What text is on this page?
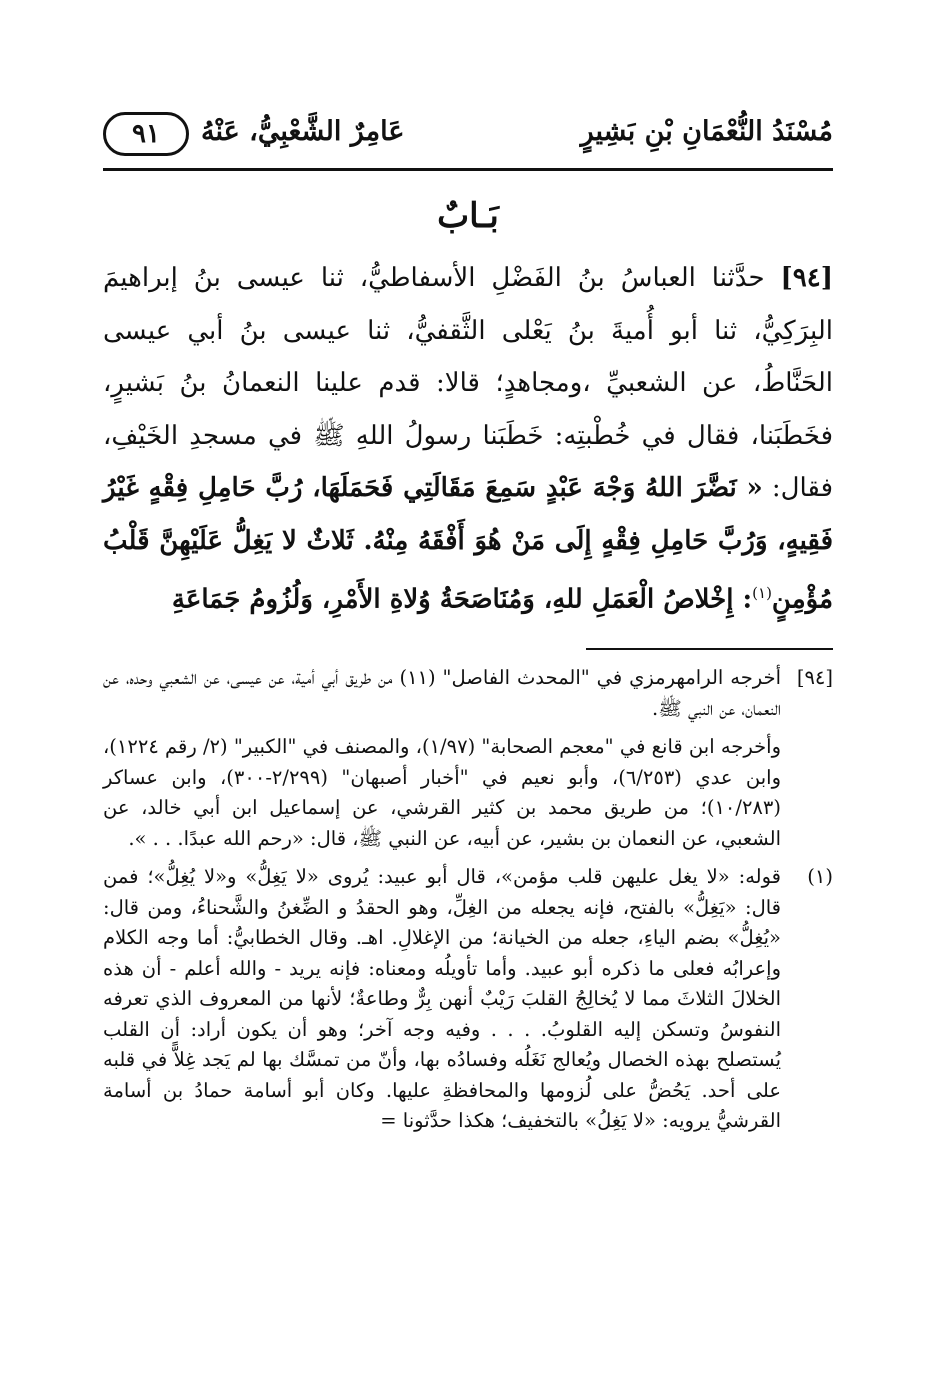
مُسْنَدُ النُّعْمَانِ بْنِ بَشِيرٍ
٩١	عَامِرٌ الشَّعْبِيُّ، عَنْهُ
بَـابٌ
[٩٤] حدَّثنا العباسُ بنُ الفَضْلِ الأسفاطيُّ، ثنا عيسى بنُ إبراهيمَ البِرَكِيُّ، ثنا أبو أُميةَ بنُ يَعْلى الثَّقفيُّ، ثنا عيسى بنُ أبي عيسى الحَنَّاطُ، عن الشعبيِّ ،ومجاهدٍ؛ قالا: قدم علينا النعمانُ بنُ بَشيرٍ، فخَطَبَنا، فقال في خُطْبتِه: خَطَبَنا رسولُ اللهِ ﷺ في مسجدِ الخَيْفِ، فقال: « نَضَّرَ اللهُ وَجْهَ عَبْدٍ سَمِعَ مَقَالَتِي فَحَمَلَهَا، رُبَّ حَامِلِ فِقْهٍ غَيْرُ فَقِيهٍ، وَرُبَّ حَامِلِ فِقْهٍ إِلَى مَنْ هُوَ أَفْقَهُ مِنْهُ. ثَلاثٌ لا يَغِلُّ عَلَيْهِنَّ قَلْبُ مُؤْمِنٍ$^{(١)}$: إِخْلاصُ الْعَمَلِ للهِ، وَمُنَاصَحَةُ وُلاةِ الأَمْرِ، وَلُزُومُ جَمَاعَةِ
[٩٤]
أخرجه الرامهرمزي في "المحدث الفاصل" (١١) من طريق أبي أمية، عن عيسى، عن الشعبي وحده، عن النعمان، عن النبي ﷺ.
وأخرجه ابن قانع في "معجم الصحابة" (١/٩٧)، والمصنف في "الكبير" (٢/ رقم ١٢٢٤)، وابن عدي (٦/٢٥٣)، وأبو نعيم في "أخبار أصبهان" (٢/٢٩٩-٣٠٠)، وابن عساكر (١٠/٢٨٣)؛ من طريق محمد بن كثير القرشي، عن إسماعيل ابن أبي خالد، عن الشعبي، عن النعمان بن بشير، عن أبيه، عن النبي ﷺ، قال: «رحم الله عبدًا. . . ».
(١)
قوله: «لا يغل عليهن قلب مؤمن»، قال أبو عبيد: يُروى «لا يَغِلُّ» و«لا يُغِلُّ»؛ فمن قال: «يَغِلُّ» بالفتح، فإنه يجعله من الغِلِّ، وهو الحقدُ و الضِّغنُ والشَّحناءُ، ومن قال: «يُغِلُّ» بضم الياءِ، جعله من الخيانة؛ من الإغلالِ. اهـ. وقال الخطابيُّ: أما وجه الكلام وإعرابُه فعلى ما ذكره أبو عبيد. وأما تأويلُه ومعناه: فإنه يريد - والله أعلم - أن هذه الخلالَ الثلاثَ مما لا يُخالِجُ القلبَ رَيْبٌ أنهن بِرٌّ وطاعةٌ؛ لأنها من المعروف الذي تعرفه النفوسُ وتسكن إليه القلوبُ. . . . وفيه وجه آخر؛ وهو أن يكون أراد: أن القلب يُستصلح بهذه الخصال ويُعالج نَغَلُه وفسادُه بها، وأنّ من تمسَّك بها لم يَجد غِلاًّ في قلبه على أحد. يَحُضُّ على لُزومها والمحافظةِ عليها. وكان أبو أسامة حمادُ بن أسامة القرشيُّ يرويه: «لا يَغِلُ» بالتخفيف؛ هكذا حدَّثونا =
